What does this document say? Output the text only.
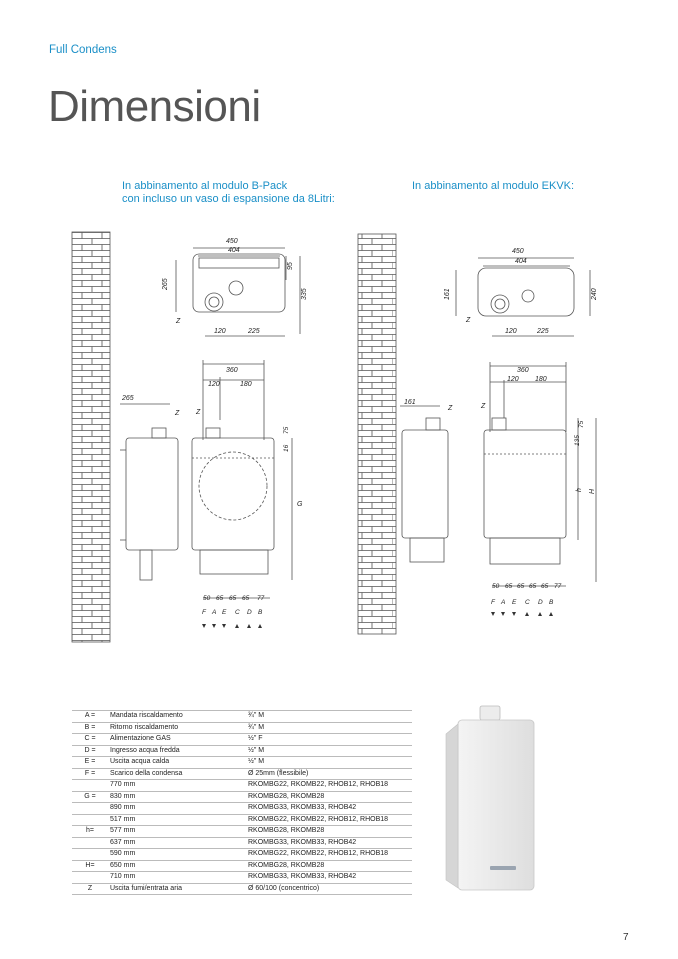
Full Condens
Dimensioni
In abbinamento al modulo B-Pack
con incluso un vaso di espansione da 8Litri:
In abbinamento al modulo EKVK:
450
404
265
335
95
120	225
Z
265
Z
360
120	180
Z
16
75
G
50 65 65 65 77
F A E C D B
450
404
161	240
120	225
Z
161
Z
360
120 180
Z
75
135
h H
50 65 65 65 65 77
F A E C D B
A =	Mandata riscaldamento	¾" M
B =	Ritorno riscaldamento	¾" M
C =	Alimentazione GAS	½" F
D =	Ingresso acqua fredda	½" M
E =	Uscita acqua calda	½" M
F =	Scarico della condensa	Ø 25mm (flessibile)
	770 mm	RKOMBG22, RKOMB22, RHOB12, RHOB18
G =	830 mm	RKOMBG28, RKOMB28
	890 mm	RKOMBG33, RKOMB33, RHOB42
	517 mm	RKOMBG22, RKOMB22, RHOB12, RHOB18
h=	577 mm	RKOMBG28, RKOMB28
	637 mm	RKOMBG33, RKOMB33, RHOB42
	590 mm	RKOMBG22, RKOMB22, RHOB12, RHOB18
H=	650 mm	RKOMBG28, RKOMB28
	710 mm	RKOMBG33, RKOMB33, RHOB42
Z	Uscita fumi/entrata aria	Ø 60/100 (concentrico)
7
